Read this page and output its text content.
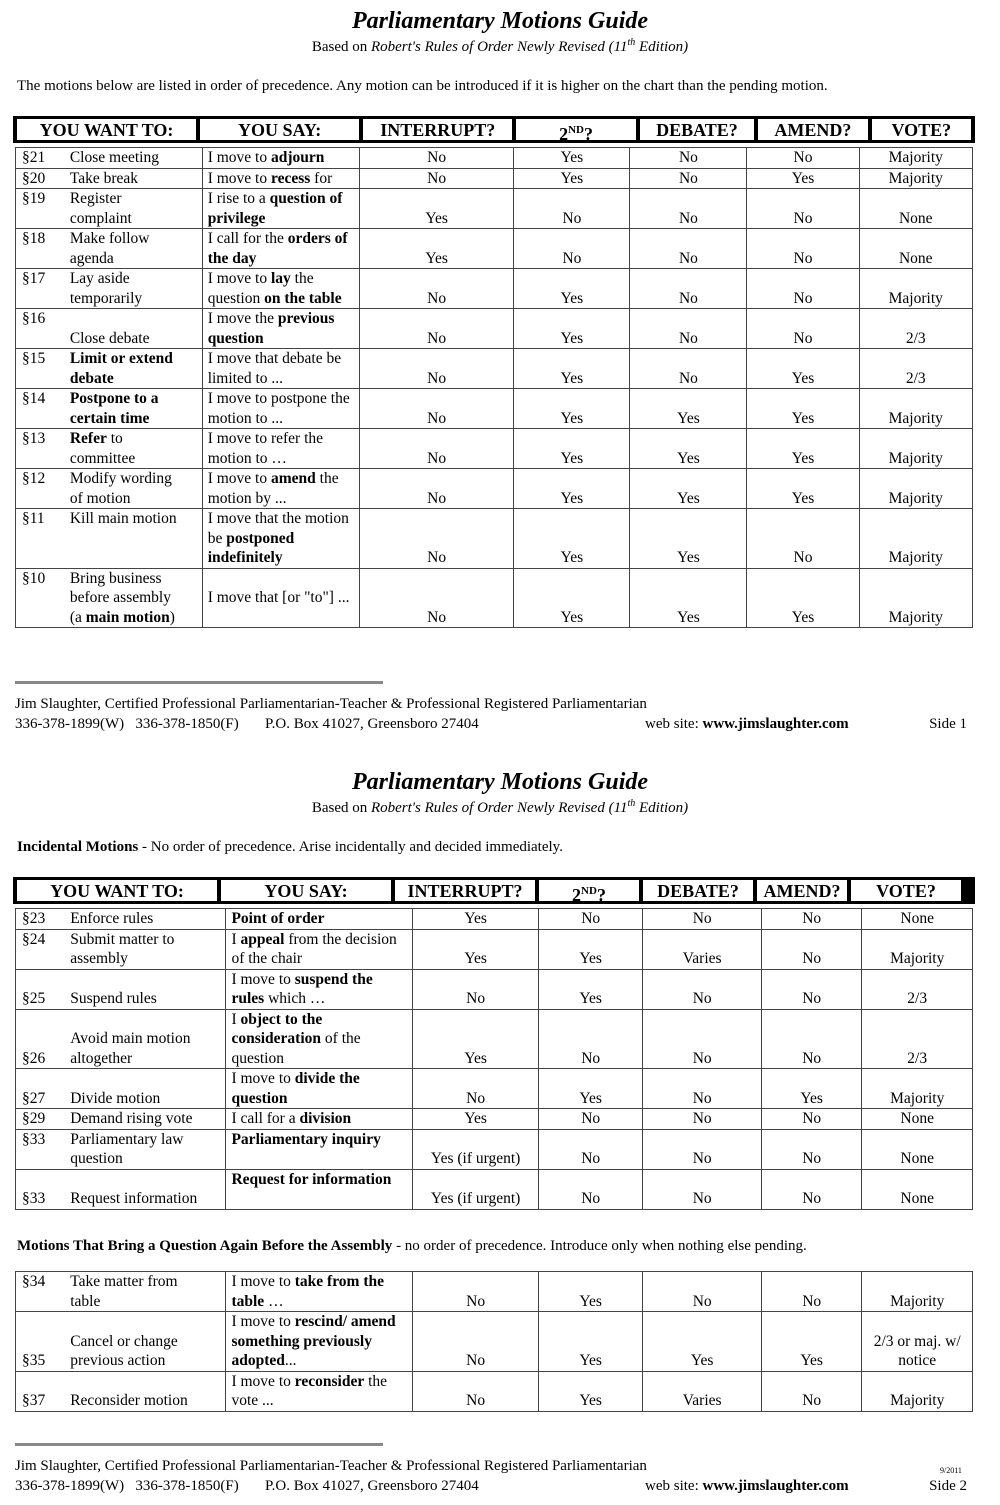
Parliamentary Motions Guide
Based on Robert's Rules of Order Newly Revised (11th Edition)
The motions below are listed in order of precedence. Any motion can be introduced if it is higher on the chart than the pending motion.
YOU WANT TO:	YOU SAY:	INTERRUPT?	2ND?	DEBATE?	AMEND?	VOTE?
§21	Close meeting	I move to adjourn	No	Yes	No	No	Majority
§20	Take break	I move to recess for	No	Yes	No	Yes	Majority
§19	Register
complaint	I rise to a question of privilege	Yes	No	No	No	None
§18	Make follow
agenda	I call for the orders of the day	Yes	No	No	No	None
§17	Lay aside
temporarily	I move to lay the question on the table	No	Yes	No	No	Majority
§16	Close debate	I move the previous question	No	Yes	No	No	2/3
§15	Limit or extend debate	I move that debate be limited to ...	No	Yes	No	Yes	2/3
§14	Postpone to a certain time	I move to postpone the motion to ...	No	Yes	Yes	Yes	Majority
§13	Refer to
committee	I move to refer the motion to …	No	Yes	Yes	Yes	Majority
§12	Modify wording
of motion	I move to amend the motion by ...	No	Yes	Yes	Yes	Majority
§11	Kill main motion	I move that the motion be postponed indefinitely	No	Yes	Yes	No	Majority
§10	Bring business
before assembly
(a main motion)	I move that [or "to"] ...	No	Yes	Yes	Yes	Majority
Jim Slaughter, Certified Professional Parliamentarian-Teacher & Professional Registered Parliamentarian
336-378-1899(W)   336-378-1850(F)       P.O. Box 41027, Greensboro 27404	web site: www.jimslaughter.com	Side 1
Parliamentary Motions Guide
Based on Robert's Rules of Order Newly Revised (11th Edition)
Incidental Motions - No order of precedence. Arise incidentally and decided immediately.
YOU WANT TO:	YOU SAY:	INTERRUPT?	2ND?	DEBATE?	AMEND?	VOTE?
§23	Enforce rules	Point of order	Yes	No	No	No	None
§24	Submit matter to
assembly	I appeal from the decision of the chair	Yes	Yes	Varies	No	Majority
§25	Suspend rules	I move to suspend the rules which …	No	Yes	No	No	2/3
§26	Avoid main motion
altogether	I object to the consideration of the question	Yes	No	No	No	2/3
§27	Divide motion	I move to divide the question	No	Yes	No	Yes	Majority
§29	Demand rising vote	I call for a division	Yes	No	No	No	None
§33	Parliamentary law
question	Parliamentary inquiry	Yes (if urgent)	No	No	No	None
§33	Request information	Request for information	Yes (if urgent)	No	No	No	None
Motions That Bring a Question Again Before the Assembly - no order of precedence. Introduce only when nothing else pending.
§34	Take matter from
table	I move to take from the table …	No	Yes	No	No	Majority
§35	Cancel or change
previous action	I move to rescind/ amend something previously adopted...	No	Yes	Yes	Yes	2/3 or maj. w/ notice
§37	Reconsider motion	I move to reconsider the vote ...	No	Yes	Varies	No	Majority
Jim Slaughter, Certified Professional Parliamentarian-Teacher & Professional Registered Parliamentarian
336-378-1899(W)   336-378-1850(F)       P.O. Box 41027, Greensboro 27404	web site: www.jimslaughter.com	Side 2
9/2011
